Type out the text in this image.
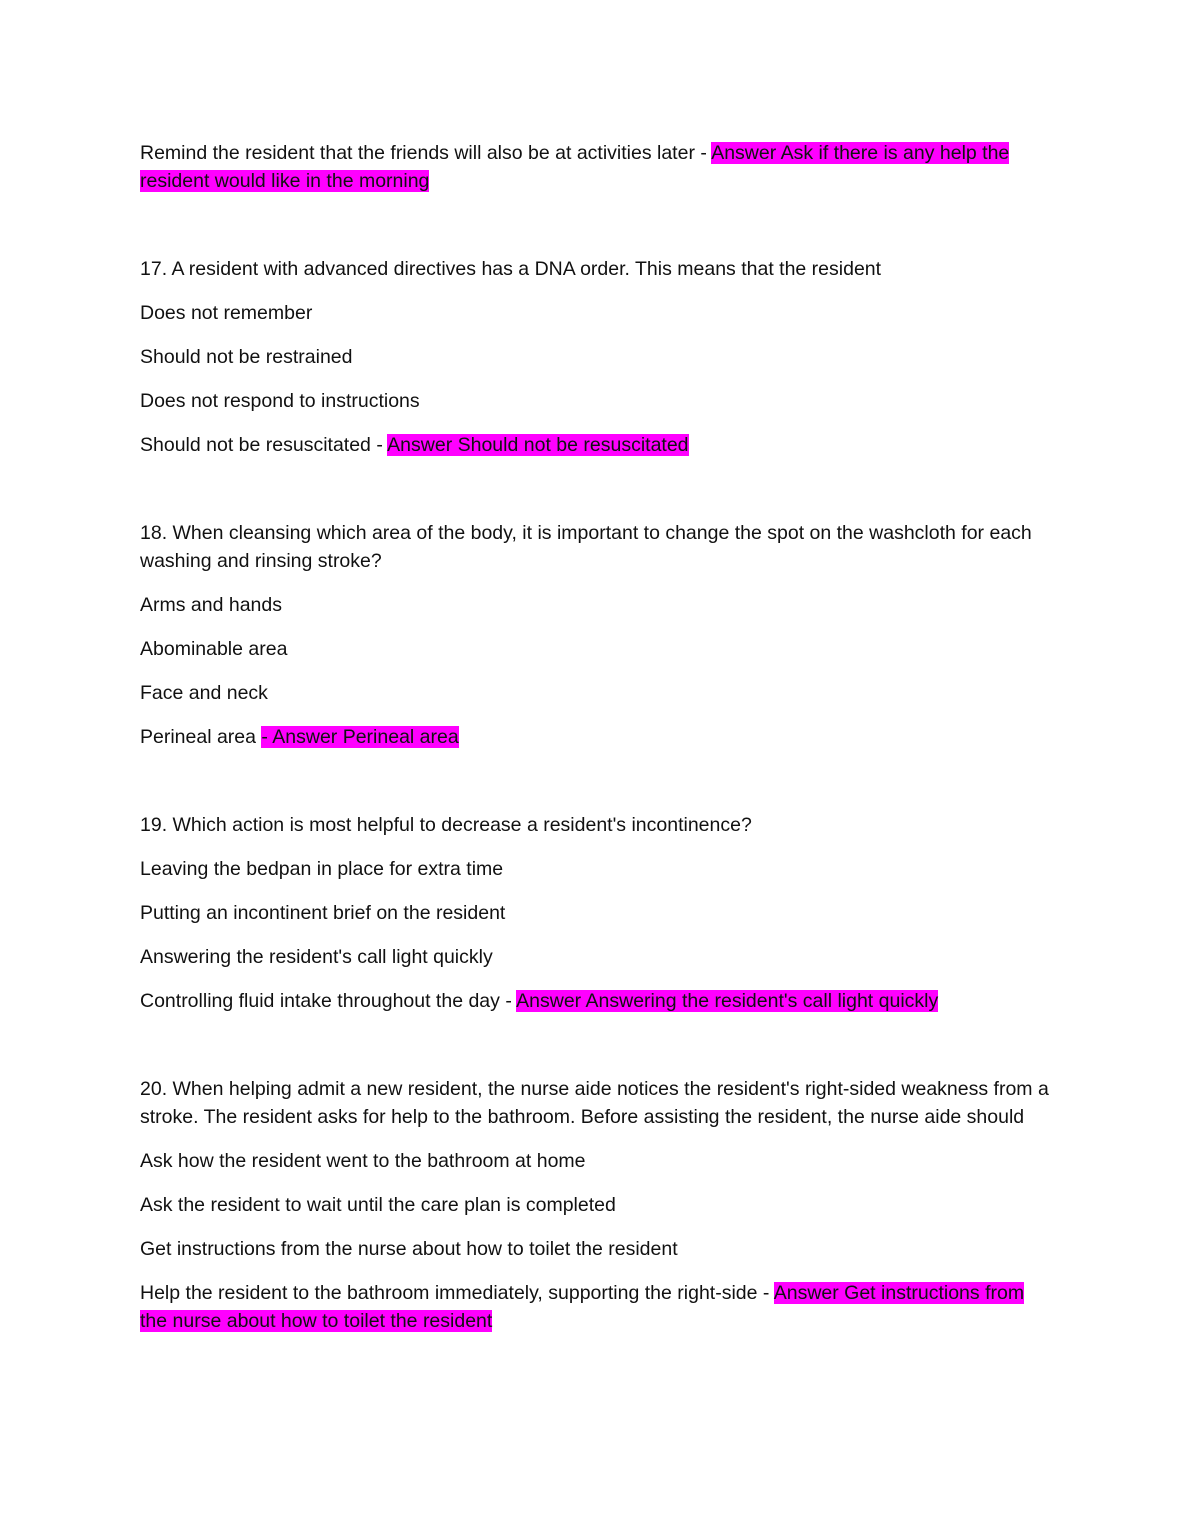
Remind the resident that the friends will also be at activities later - Answer Ask if there is any help the resident would like in the morning

17. A resident with advanced directives has a DNA order. This means that the resident

Does not remember

Should not be restrained

Does not respond to instructions

Should not be resuscitated - Answer Should not be resuscitated

18. When cleansing which area of the body, it is important to change the spot on the washcloth for each washing and rinsing stroke?

Arms and hands

Abominable area

Face and neck

Perineal area - Answer Perineal area

19. Which action is most helpful to decrease a resident's incontinence?

Leaving the bedpan in place for extra time

Putting an incontinent brief on the resident

Answering the resident's call light quickly

Controlling fluid intake throughout the day - Answer Answering the resident's call light quickly

20. When helping admit a new resident, the nurse aide notices the resident's right-sided weakness from a stroke. The resident asks for help to the bathroom. Before assisting the resident, the nurse aide should

Ask how the resident went to the bathroom at home

Ask the resident to wait until the care plan is completed

Get instructions from the nurse about how to toilet the resident

Help the resident to the bathroom immediately, supporting the right-side - Answer Get instructions from the nurse about how to toilet the resident
